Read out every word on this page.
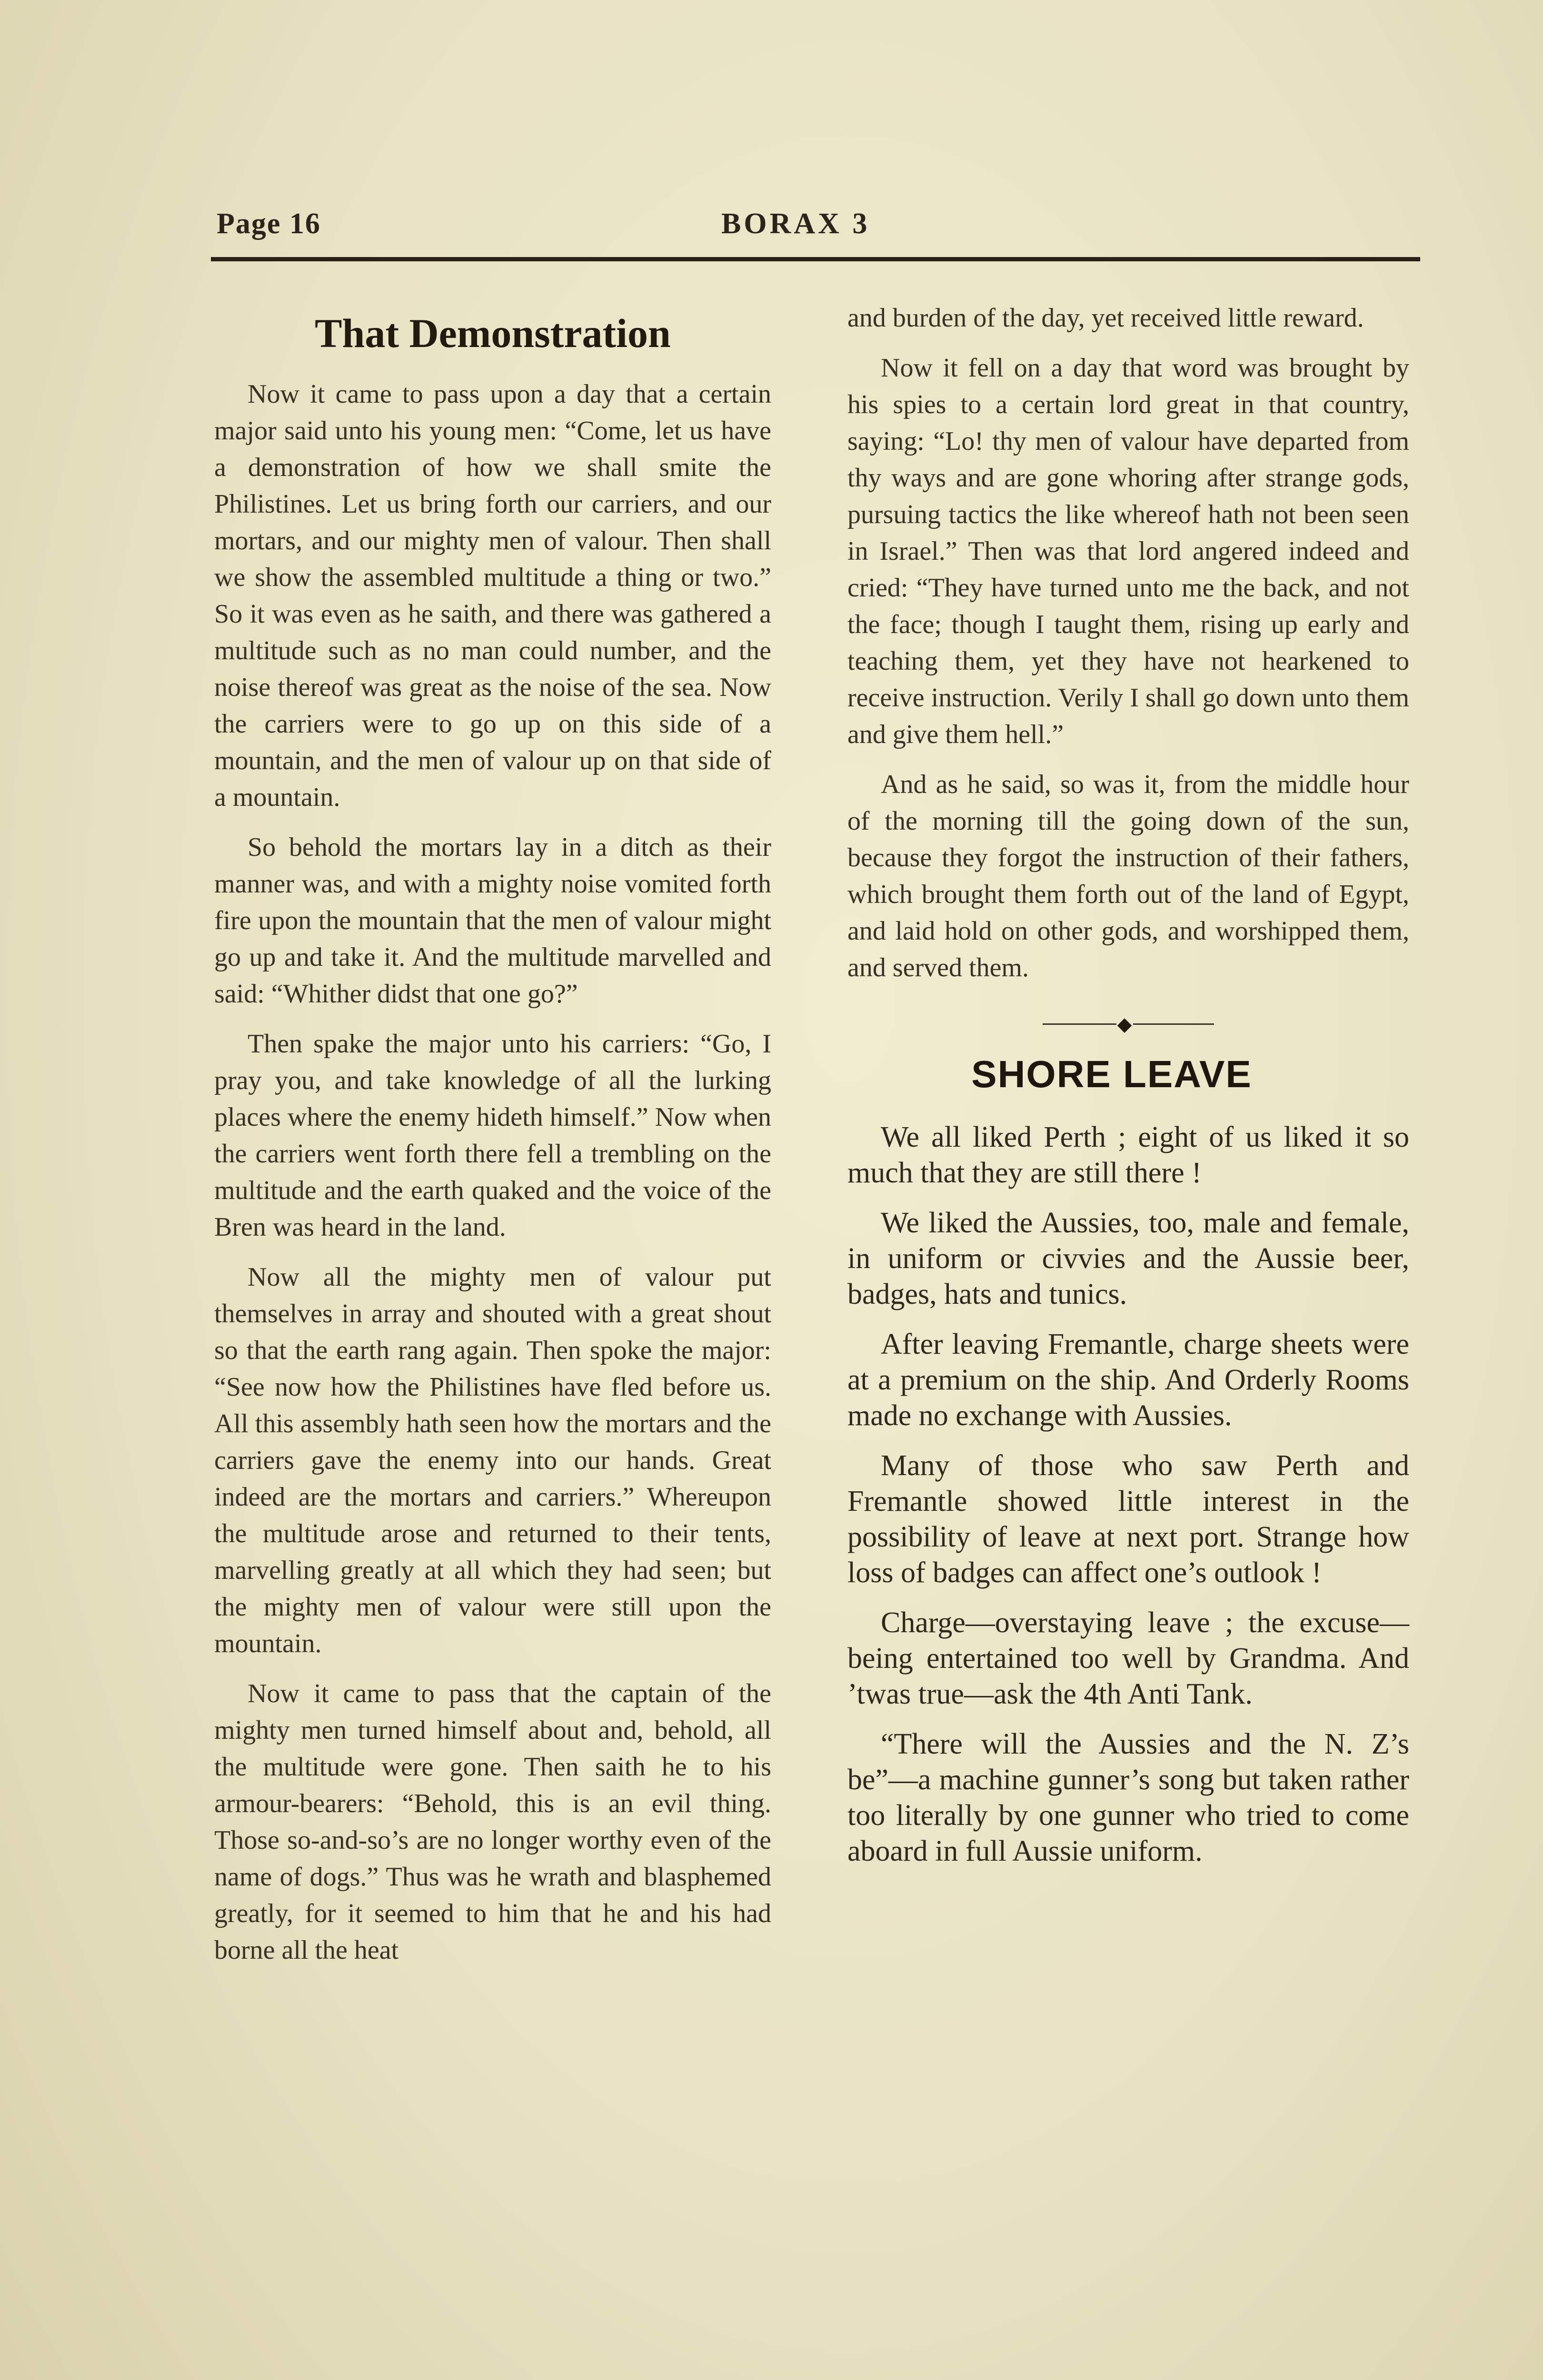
Page 16	BORAX 3
That Demonstration

Now it came to pass upon a day that a certain major said unto his young men: “Come, let us have a demonstration of how we shall smite the Philistines. Let us bring forth our carriers, and our mortars, and our mighty men of valour. Then shall we show the assembled multitude a thing or two.” So it was even as he saith, and there was gathered a multitude such as no man could number, and the noise thereof was great as the noise of the sea. Now the carriers were to go up on this side of a mountain, and the men of valour up on that side of a mountain.

So behold the mortars lay in a ditch as their manner was, and with a mighty noise vomited forth fire upon the mountain that the men of valour might go up and take it. And the multitude marvelled and said: “Whither didst that one go?”

Then spake the major unto his carriers: “Go, I pray you, and take knowledge of all the lurking places where the enemy hideth himself.” Now when the carriers went forth there fell a trembling on the multitude and the earth quaked and the voice of the Bren was heard in the land.

Now all the mighty men of valour put themselves in array and shouted with a great shout so that the earth rang again. Then spoke the major: “See now how the Philistines have fled before us. All this assembly hath seen how the mortars and the carriers gave the enemy into our hands. Great indeed are the mortars and carriers.” Whereupon the multitude arose and returned to their tents, marvelling greatly at all which they had seen; but the mighty men of valour were still upon the mountain.

Now it came to pass that the captain of the mighty men turned himself about and, behold, all the multitude were gone. Then saith he to his armour-bearers: “Behold, this is an evil thing. Those so-and-so’s are no longer worthy even of the name of dogs.” Thus was he wrath and blasphemed greatly, for it seemed to him that he and his had borne all the heat

and burden of the day, yet received little reward.

Now it fell on a day that word was brought by his spies to a certain lord great in that country, saying: “Lo! thy men of valour have departed from thy ways and are gone whoring after strange gods, pursuing tactics the like whereof hath not been seen in Israel.” Then was that lord angered indeed and cried: “They have turned unto me the back, and not the face; though I taught them, rising up early and teaching them, yet they have not hearkened to receive instruction. Verily I shall go down unto them and give them hell.”

And as he said, so was it, from the middle hour of the morning till the going down of the sun, because they forgot the instruction of their fathers, which brought them forth out of the land of Egypt, and laid hold on other gods, and worshipped them, and served them.

◆
SHORE LEAVE

We all liked Perth ; eight of us liked it so much that they are still there !

We liked the Aussies, too, male and female, in uniform or civvies and the Aussie beer, badges, hats and tunics.

After leaving Fremantle, charge sheets were at a premium on the ship. And Orderly Rooms made no exchange with Aussies.

Many of those who saw Perth and Fremantle showed little interest in the possibility of leave at next port. Strange how loss of badges can affect one’s outlook !

Charge—overstaying leave ; the excuse—being entertained too well by Grandma. And ’twas true—ask the 4th Anti Tank.

“There will the Aussies and the N. Z’s be”—a machine gunner’s song but taken rather too literally by one gunner who tried to come aboard in full Aussie uniform.
